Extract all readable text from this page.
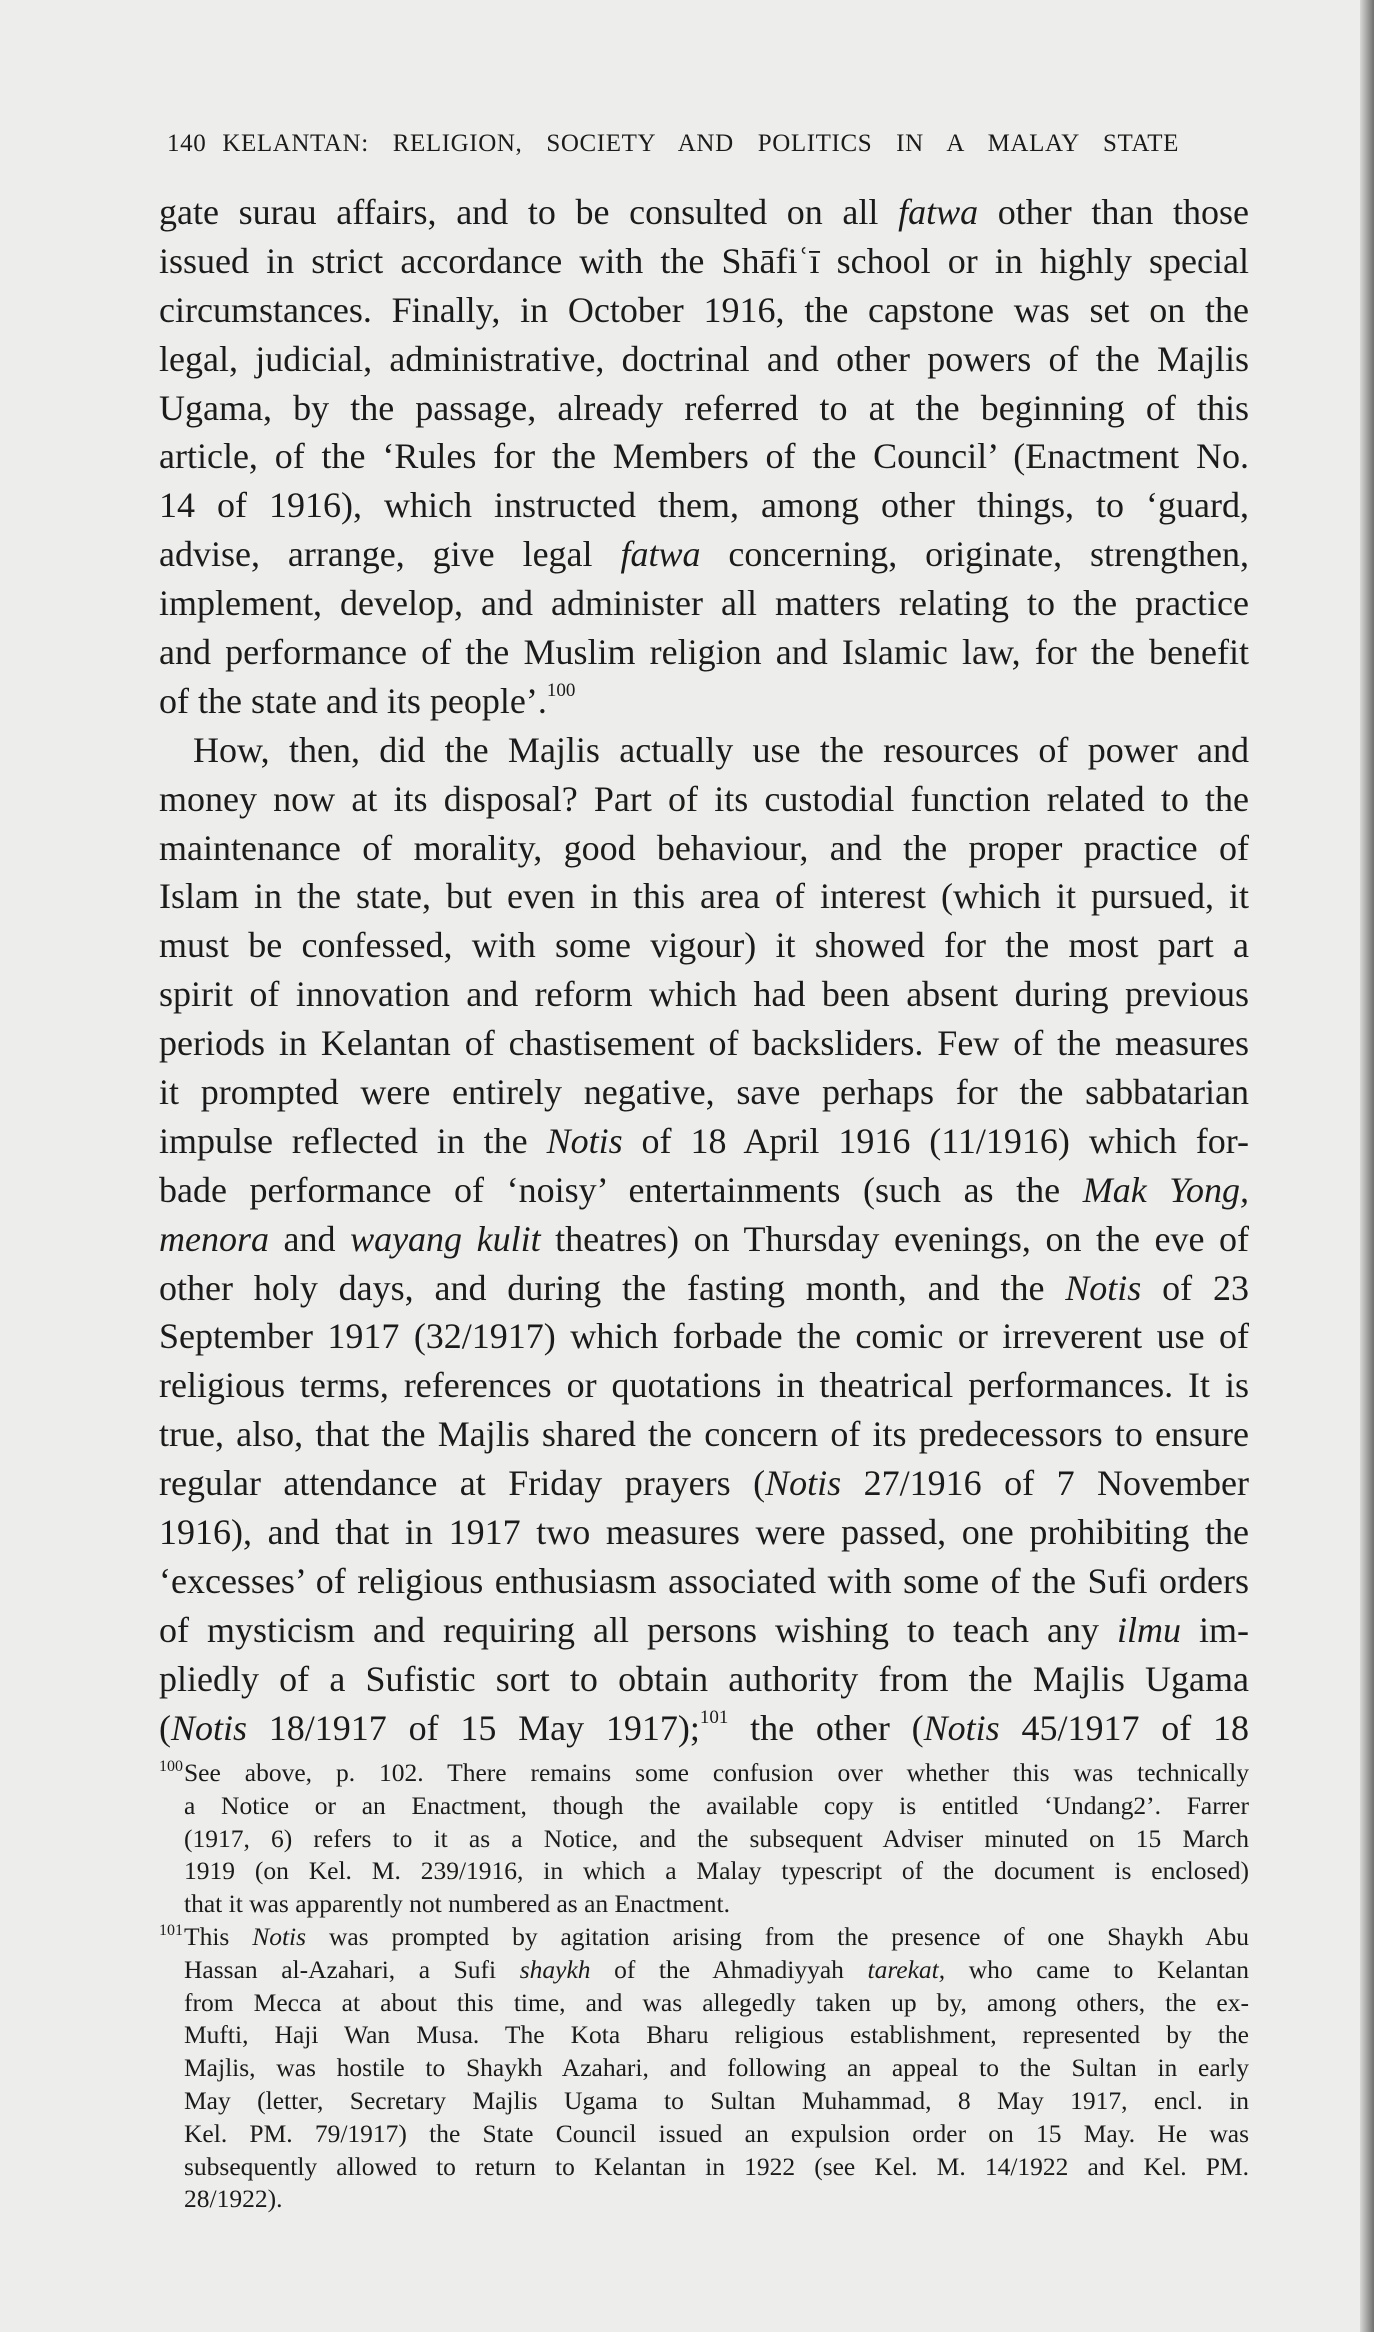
140 KELANTAN: RELIGION, SOCIETY AND POLITICS IN A MALAY STATE
gate surau affairs, and to be consulted on all fatwa other than those
issued in strict accordance with the Shāfiʿī school or in highly special
circumstances. Finally, in October 1916, the capstone was set on the
legal, judicial, administrative, doctrinal and other powers of the Majlis
Ugama, by the passage, already referred to at the beginning of this
article, of the ‘Rules for the Members of the Council’ (Enactment No.
14 of 1916), which instructed them, among other things, to ‘guard,
advise, arrange, give legal fatwa concerning, originate, strengthen,
implement, develop, and administer all matters relating to the practice
and performance of the Muslim religion and Islamic law, for the benefit
of the state and its people’.$^{100}$
How, then, did the Majlis actually use the resources of power and
money now at its disposal? Part of its custodial function related to the
maintenance of morality, good behaviour, and the proper practice of
Islam in the state, but even in this area of interest (which it pursued, it
must be confessed, with some vigour) it showed for the most part a
spirit of innovation and reform which had been absent during previous
periods in Kelantan of chastisement of backsliders. Few of the measures
it prompted were entirely negative, save perhaps for the sabbatarian
impulse reflected in the Notis of 18 April 1916 (11/1916) which for-
bade performance of ‘noisy’ entertainments (such as the Mak Yong,
menora and wayang kulit theatres) on Thursday evenings, on the eve of
other holy days, and during the fasting month, and the Notis of 23
September 1917 (32/1917) which forbade the comic or irreverent use of
religious terms, references or quotations in theatrical performances. It is
true, also, that the Majlis shared the concern of its predecessors to ensure
regular attendance at Friday prayers (Notis 27/1916 of 7 November
1916), and that in 1917 two measures were passed, one prohibiting the
‘excesses’ of religious enthusiasm associated with some of the Sufi orders
of mysticism and requiring all persons wishing to teach any ilmu im-
pliedly of a Sufistic sort to obtain authority from the Majlis Ugama
(Notis 18/1917 of 15 May 1917);$^{101}$ the other (Notis 45/1917 of 18
100 See above, p. 102. There remains some confusion over whether this was technically
a Notice or an Enactment, though the available copy is entitled ‘Undang2’. Farrer
(1917, 6) refers to it as a Notice, and the subsequent Adviser minuted on 15 March
1919 (on Kel. M. 239/1916, in which a Malay typescript of the document is enclosed)
that it was apparently not numbered as an Enactment.
101 This Notis was prompted by agitation arising from the presence of one Shaykh Abu
Hassan al-Azahari, a Sufi shaykh of the Ahmadiyyah tarekat, who came to Kelantan
from Mecca at about this time, and was allegedly taken up by, among others, the ex-
Mufti, Haji Wan Musa. The Kota Bharu religious establishment, represented by the
Majlis, was hostile to Shaykh Azahari, and following an appeal to the Sultan in early
May (letter, Secretary Majlis Ugama to Sultan Muhammad, 8 May 1917, encl. in
Kel. PM. 79/1917) the State Council issued an expulsion order on 15 May. He was
subsequently allowed to return to Kelantan in 1922 (see Kel. M. 14/1922 and Kel. PM.
28/1922).
